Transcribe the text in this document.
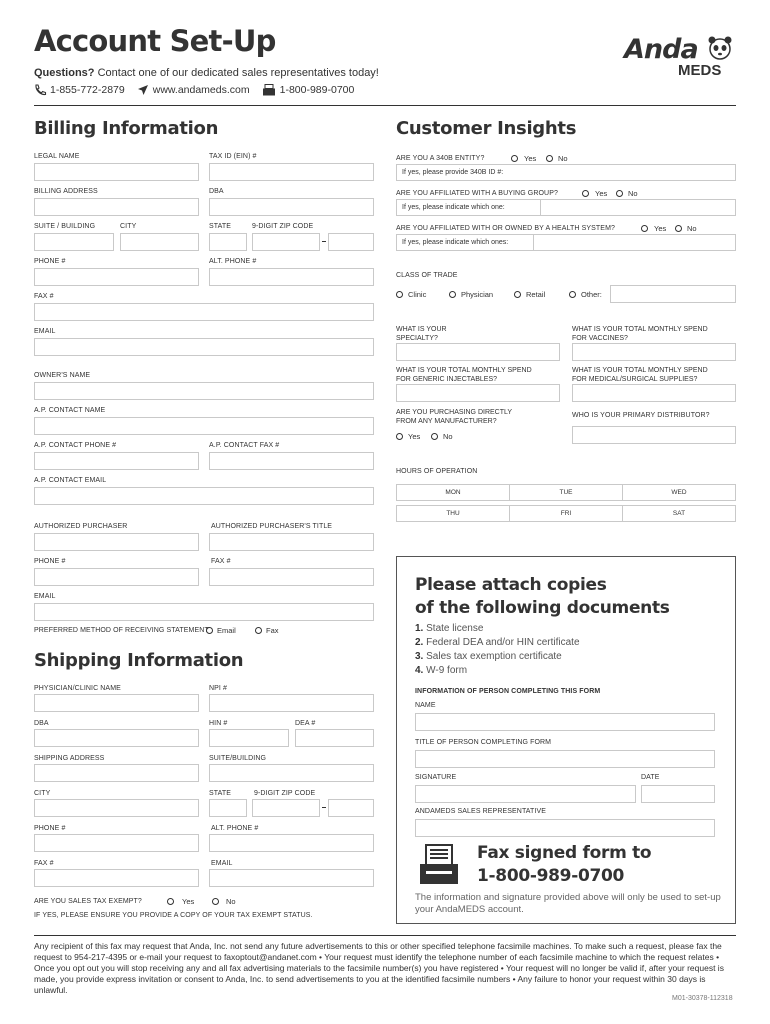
Account Set-Up
Questions? Contact one of our dedicated sales representatives today!
1-855-772-2879	www.andameds.com	1-800-989-0700
Anda
MEDS
Billing Information
LEGAL NAME	TAX ID (EIN) #
BILLING ADDRESS	DBA
SUITE / BUILDING	CITY	STATE	9-DIGIT ZIP CODE
PHONE #	ALT. PHONE #
FAX #
EMAIL
OWNER'S NAME
A.P. CONTACT NAME
A.P. CONTACT PHONE #	A.P. CONTACT FAX #
A.P. CONTACT EMAIL
AUTHORIZED PURCHASER	AUTHORIZED PURCHASER'S TITLE
PHONE #	FAX #
EMAIL
PREFERRED METHOD OF RECEIVING STATEMENT Email	Fax
Shipping Information
PHYSICIAN/CLINIC NAME	NPI #
DBA	HIN #	DEA #
SHIPPING ADDRESS	SUITE/BUILDING
CITY	STATE	9-DIGIT ZIP CODE
PHONE #	ALT. PHONE #
FAX #	EMAIL
ARE YOU SALES TAX EXEMPT?	Yes	No
IF YES, PLEASE ENSURE YOU PROVIDE A COPY OF YOUR TAX EXEMPT STATUS.
Customer Insights
ARE YOU A 340B ENTITY?	Yes	No
If yes, please provide 340B ID #:
ARE YOU AFFILIATED WITH A BUYING GROUP?	Yes	No
If yes, please indicate which one:
ARE YOU AFFILIATED WITH OR OWNED BY A HEALTH SYSTEM?	Yes	No
If yes, please indicate which ones:
CLASS OF TRADE
Clinic	Physician	Retail	Other:
WHAT IS YOUR
SPECIALTY?
WHAT IS YOUR TOTAL MONTHLY SPEND
FOR VACCINES?
WHAT IS YOUR TOTAL MONTHLY SPEND
FOR GENERIC INJECTABLES?
WHAT IS YOUR TOTAL MONTHLY SPEND
FOR MEDICAL/SURGICAL SUPPLIES?
ARE YOU PURCHASING DIRECTLY
FROM ANY MANUFACTURER?
Yes	No
WHO IS YOUR PRIMARY DISTRIBUTOR?
HOURS OF OPERATION
MON	TUE	WED
THU	FRI	SAT
Please attach copies
of the following documents
1. State license
2. Federal DEA and/or HIN certificate
3. Sales tax exemption certificate
4. W-9 form
INFORMATION OF PERSON COMPLETING THIS FORM
NAME
TITLE OF PERSON COMPLETING FORM
SIGNATURE	DATE
ANDAMEDS SALES REPRESENTATIVE
Fax signed form to
1-800-989-0700
The information and signature provided above will only be used to set-up your AndaMEDS account.
Any recipient of this fax may request that Anda, Inc. not send any future advertisements to this or other specified telephone facsimile machines. To make such a request, please fax the request to 954-217-4395 or e-mail your request to faxoptout@andanet.com • Your request must identify the telephone number of each facsimile machine to which the request relates • Once you opt out you will stop receiving any and all fax advertising materials to the facsimile number(s) you have registered • Your request will no longer be valid if, after your request is made, you provide express invitation or consent to Anda, Inc. to send advertisements to you at the identified facsimile numbers • Any failure to honor your request within 30 days is unlawful.
M01-30378-112318
